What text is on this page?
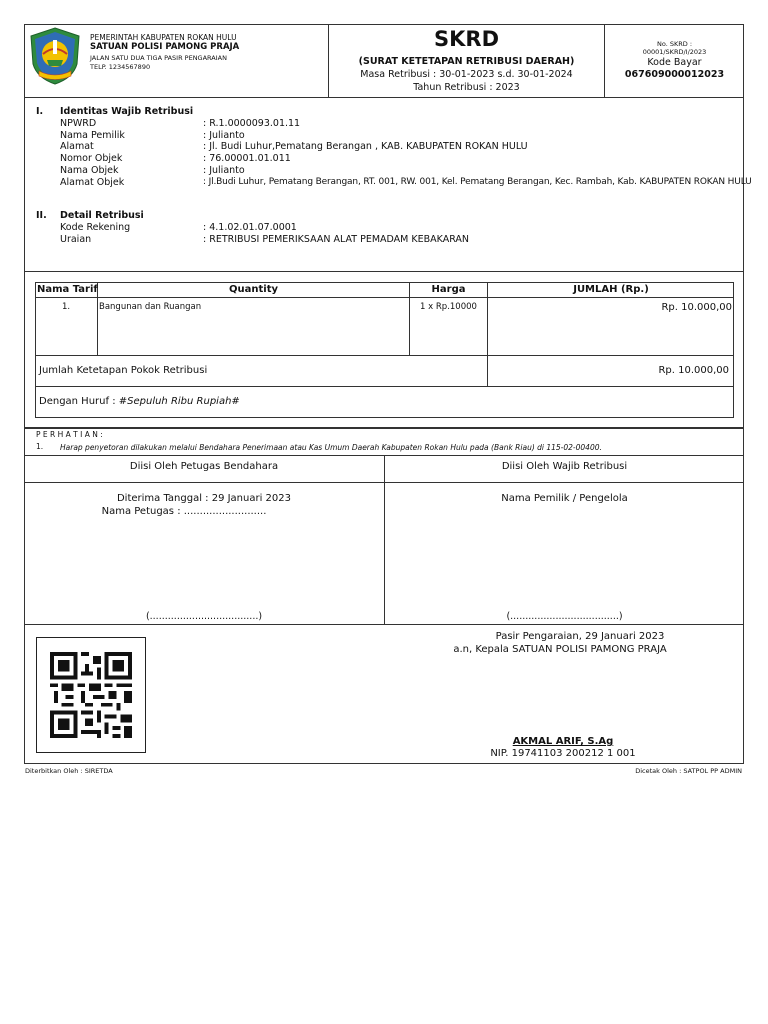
PEMERINTAH KABUPATEN ROKAN HULU
SATUAN POLISI PAMONG PRAJA
JALAN SATU DUA TIGA PASIR PENGARAIAN
TELP. 1234567890
SKRD
(SURAT KETETAPAN RETRIBUSI DAERAH)
Masa Retribusi : 30-01-2023 s.d. 30-01-2024
Tahun Retribusi : 2023
No. SKRD :
00001/SKRD/I/2023
Kode Bayar
067609000012023
I. Identitas Wajib Retribusi
NPWRD	: R.1.0000093.01.11
Nama Pemilik	: Julianto
Alamat	: Jl. Budi Luhur,Pematang Berangan , KAB. KABUPATEN ROKAN HULU
Nomor Objek	: 76.00001.01.011
Nama Objek	: Julianto
Alamat Objek	: Jl.Budi Luhur, Pematang Berangan, RT. 001, RW. 001, Kel. Pematang Berangan, Kec. Rambah, Kab. KABUPATEN ROKAN HULU
II. Detail Retribusi
Kode Rekening	: 4.1.02.01.07.0001
Uraian	: RETRIBUSI PEMERIKSAAN ALAT PEMADAM KEBAKARAN
Nama Tarif	Quantity	Harga	JUMLAH (Rp.)
1.	Bangunan dan Ruangan	1 x Rp.10000	Rp. 10.000,00
Jumlah Ketetapan Pokok Retribusi	Rp. 10.000,00
Dengan Huruf : #Sepuluh Ribu Rupiah#
P E R H A T I A N :
1. Harap penyetoran dilakukan melalui Bendahara Penerimaan atau Kas Umum Daerah Kabupaten Rokan Hulu pada (Bank Riau) di 115-02-00400.
Diisi Oleh Petugas Bendahara	Diisi Oleh Wajib Retribusi
Diterima Tanggal : 29 Januari 2023
Nama Petugas : ..........................
Nama Pemilik / Pengelola
(....................................)	(....................................)
Pasir Pengaraian, 29 Januari 2023
a.n, Kepala SATUAN POLISI PAMONG PRAJA
AKMAL ARIF, S.Ag
NIP. 19741103 200212 1 001
Diterbitkan Oleh : SIRETDA	Dicetak Oleh : SATPOL PP ADMIN
